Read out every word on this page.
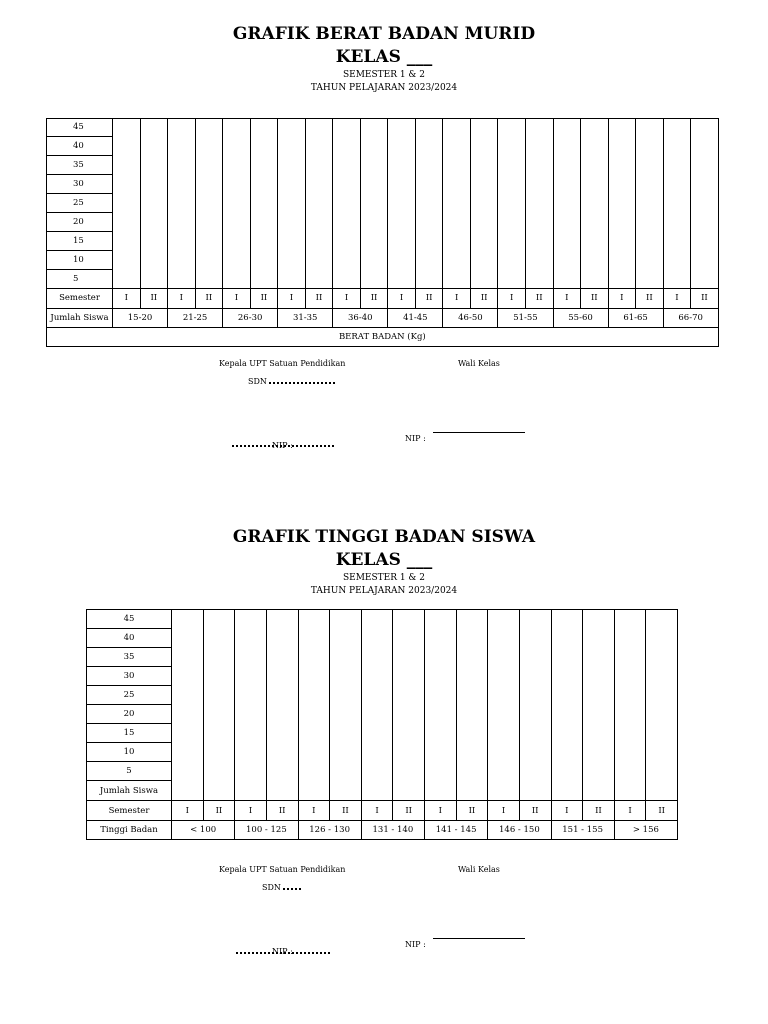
GRAFIK BERAT BADAN MURID
KELAS ___
SEMESTER 1 & 2
TAHUN PELAJARAN 2023/2024
45																						
40																						
35																						
30																						
25																						
20																						
15																						
10																						
5																						
Semester	I	II	I	II	I	II	I	II	I	II	I	II	I	II	I	II	I	II	I	II	I	II
Jumlah Siswa	15-20		21-25		26-30		31-35		36-40		41-45		46-50		51-55		55-60		61-65		66-70	
BERAT BADAN (Kg)																						
Kepala UPT Satuan Pendidikan
SDN
Wali Kelas
NIP :
NIP :
GRAFIK TINGGI BADAN SISWA
KELAS ___
SEMESTER 1 & 2
TAHUN PELAJARAN 2023/2024
45																
40																
35																
30																
25																
20																
15																
10																
5																
Jumlah Siswa																
Semester	I	II	I	II	I	II	I	II	I	II	I	II	I	II	I	II
Tinggi Badan	< 100		100 - 125		126 - 130		131 - 140		141 - 145		146 - 150		151 - 155		> 156	
Kepala UPT Satuan Pendidikan
SDN
Wali Kelas
NIP :
NIP :
